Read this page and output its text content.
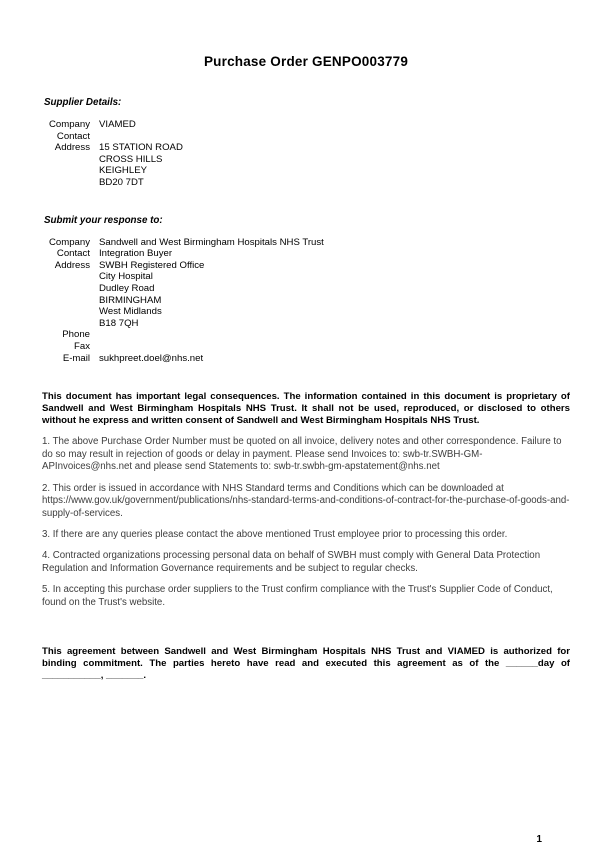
Purchase Order GENPO003779
Supplier Details:
Company VIAMED
Contact
Address 15 STATION ROAD
CROSS HILLS
KEIGHLEY
BD20 7DT
Submit your response to:
Company Sandwell and West Birmingham Hospitals NHS Trust
Contact Integration Buyer
Address SWBH Registered Office
City Hospital
Dudley Road
BIRMINGHAM
West Midlands
B18 7QH
Phone
Fax
E-mail sukhpreet.doel@nhs.net

This document has important legal consequences. The information contained in this document is proprietary of Sandwell and West Birmingham Hospitals NHS Trust. It shall not be used, reproduced, or disclosed to others without he express and written consent of Sandwell and West Birmingham Hospitals NHS Trust.

1. The above Purchase Order Number must be quoted on all invoice, delivery notes and other correspondence. Failure to do so may result in rejection of goods or delay in payment. Please send Invoices to: swb-tr.SWBH-GM-APInvoices@nhs.net and please send Statements to: swb-tr.swbh-gm-apstatement@nhs.net

2. This order is issued in accordance with NHS Standard terms and Conditions which can be downloaded at https://www.gov.uk/government/publications/nhs-standard-terms-and-conditions-of-contract-for-the-purchase-of-goods-and-supply-of-services.

3. If there are any queries please contact the above mentioned Trust employee prior to processing this order.

4. Contracted organizations processing personal data on behalf of SWBH must comply with General Data Protection Regulation and Information Governance requirements and be subject to regular checks.

5. In accepting this purchase order suppliers to the Trust confirm compliance with the Trust's Supplier Code of Conduct, found on the Trust's website.

This agreement between Sandwell and West Birmingham Hospitals NHS Trust and VIAMED is authorized for binding commitment. The parties hereto have read and executed this agreement as of the ______day of ___________, _______.

1
